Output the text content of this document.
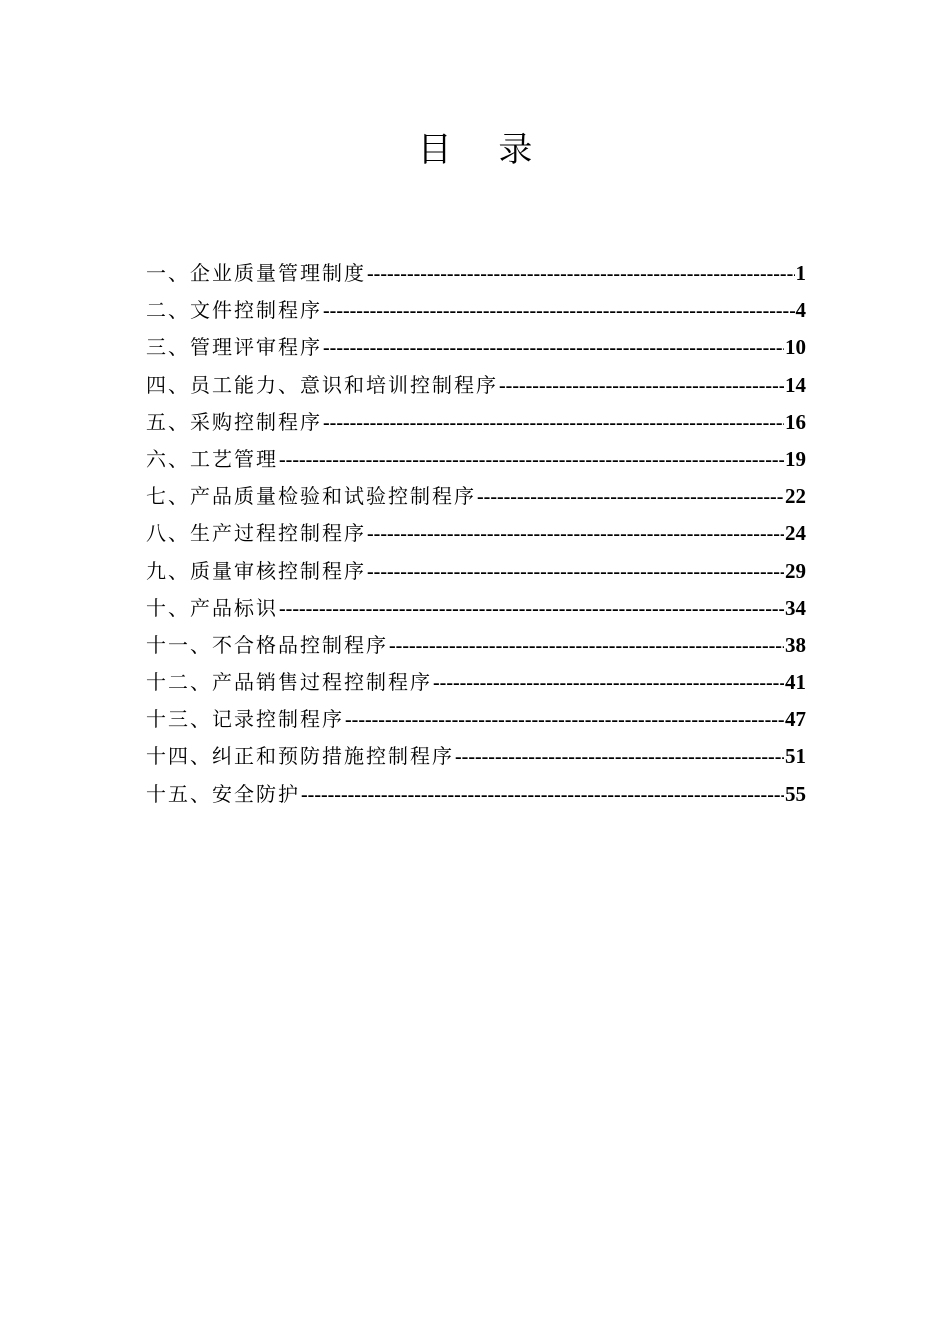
目 录
一、企业质量管理制度 -----	1
二、文件控制程序 -----	4
三、管理评审程序 -----	10
四、员工能力、意识和培训控制程序 -----	14
五、采购控制程序 -----	16
六、工艺管理 -----	19
七、产品质量检验和试验控制程序 -----	22
八、生产过程控制程序 -----	24
九、质量审核控制程序 -----	29
十、产品标识 -----	34
十一、不合格品控制程序 -----	38
十二、产品销售过程控制程序 -----	41
十三、记录控制程序 -----	47
十四、纠正和预防措施控制程序 -----	51
十五、安全防护 -----	55
